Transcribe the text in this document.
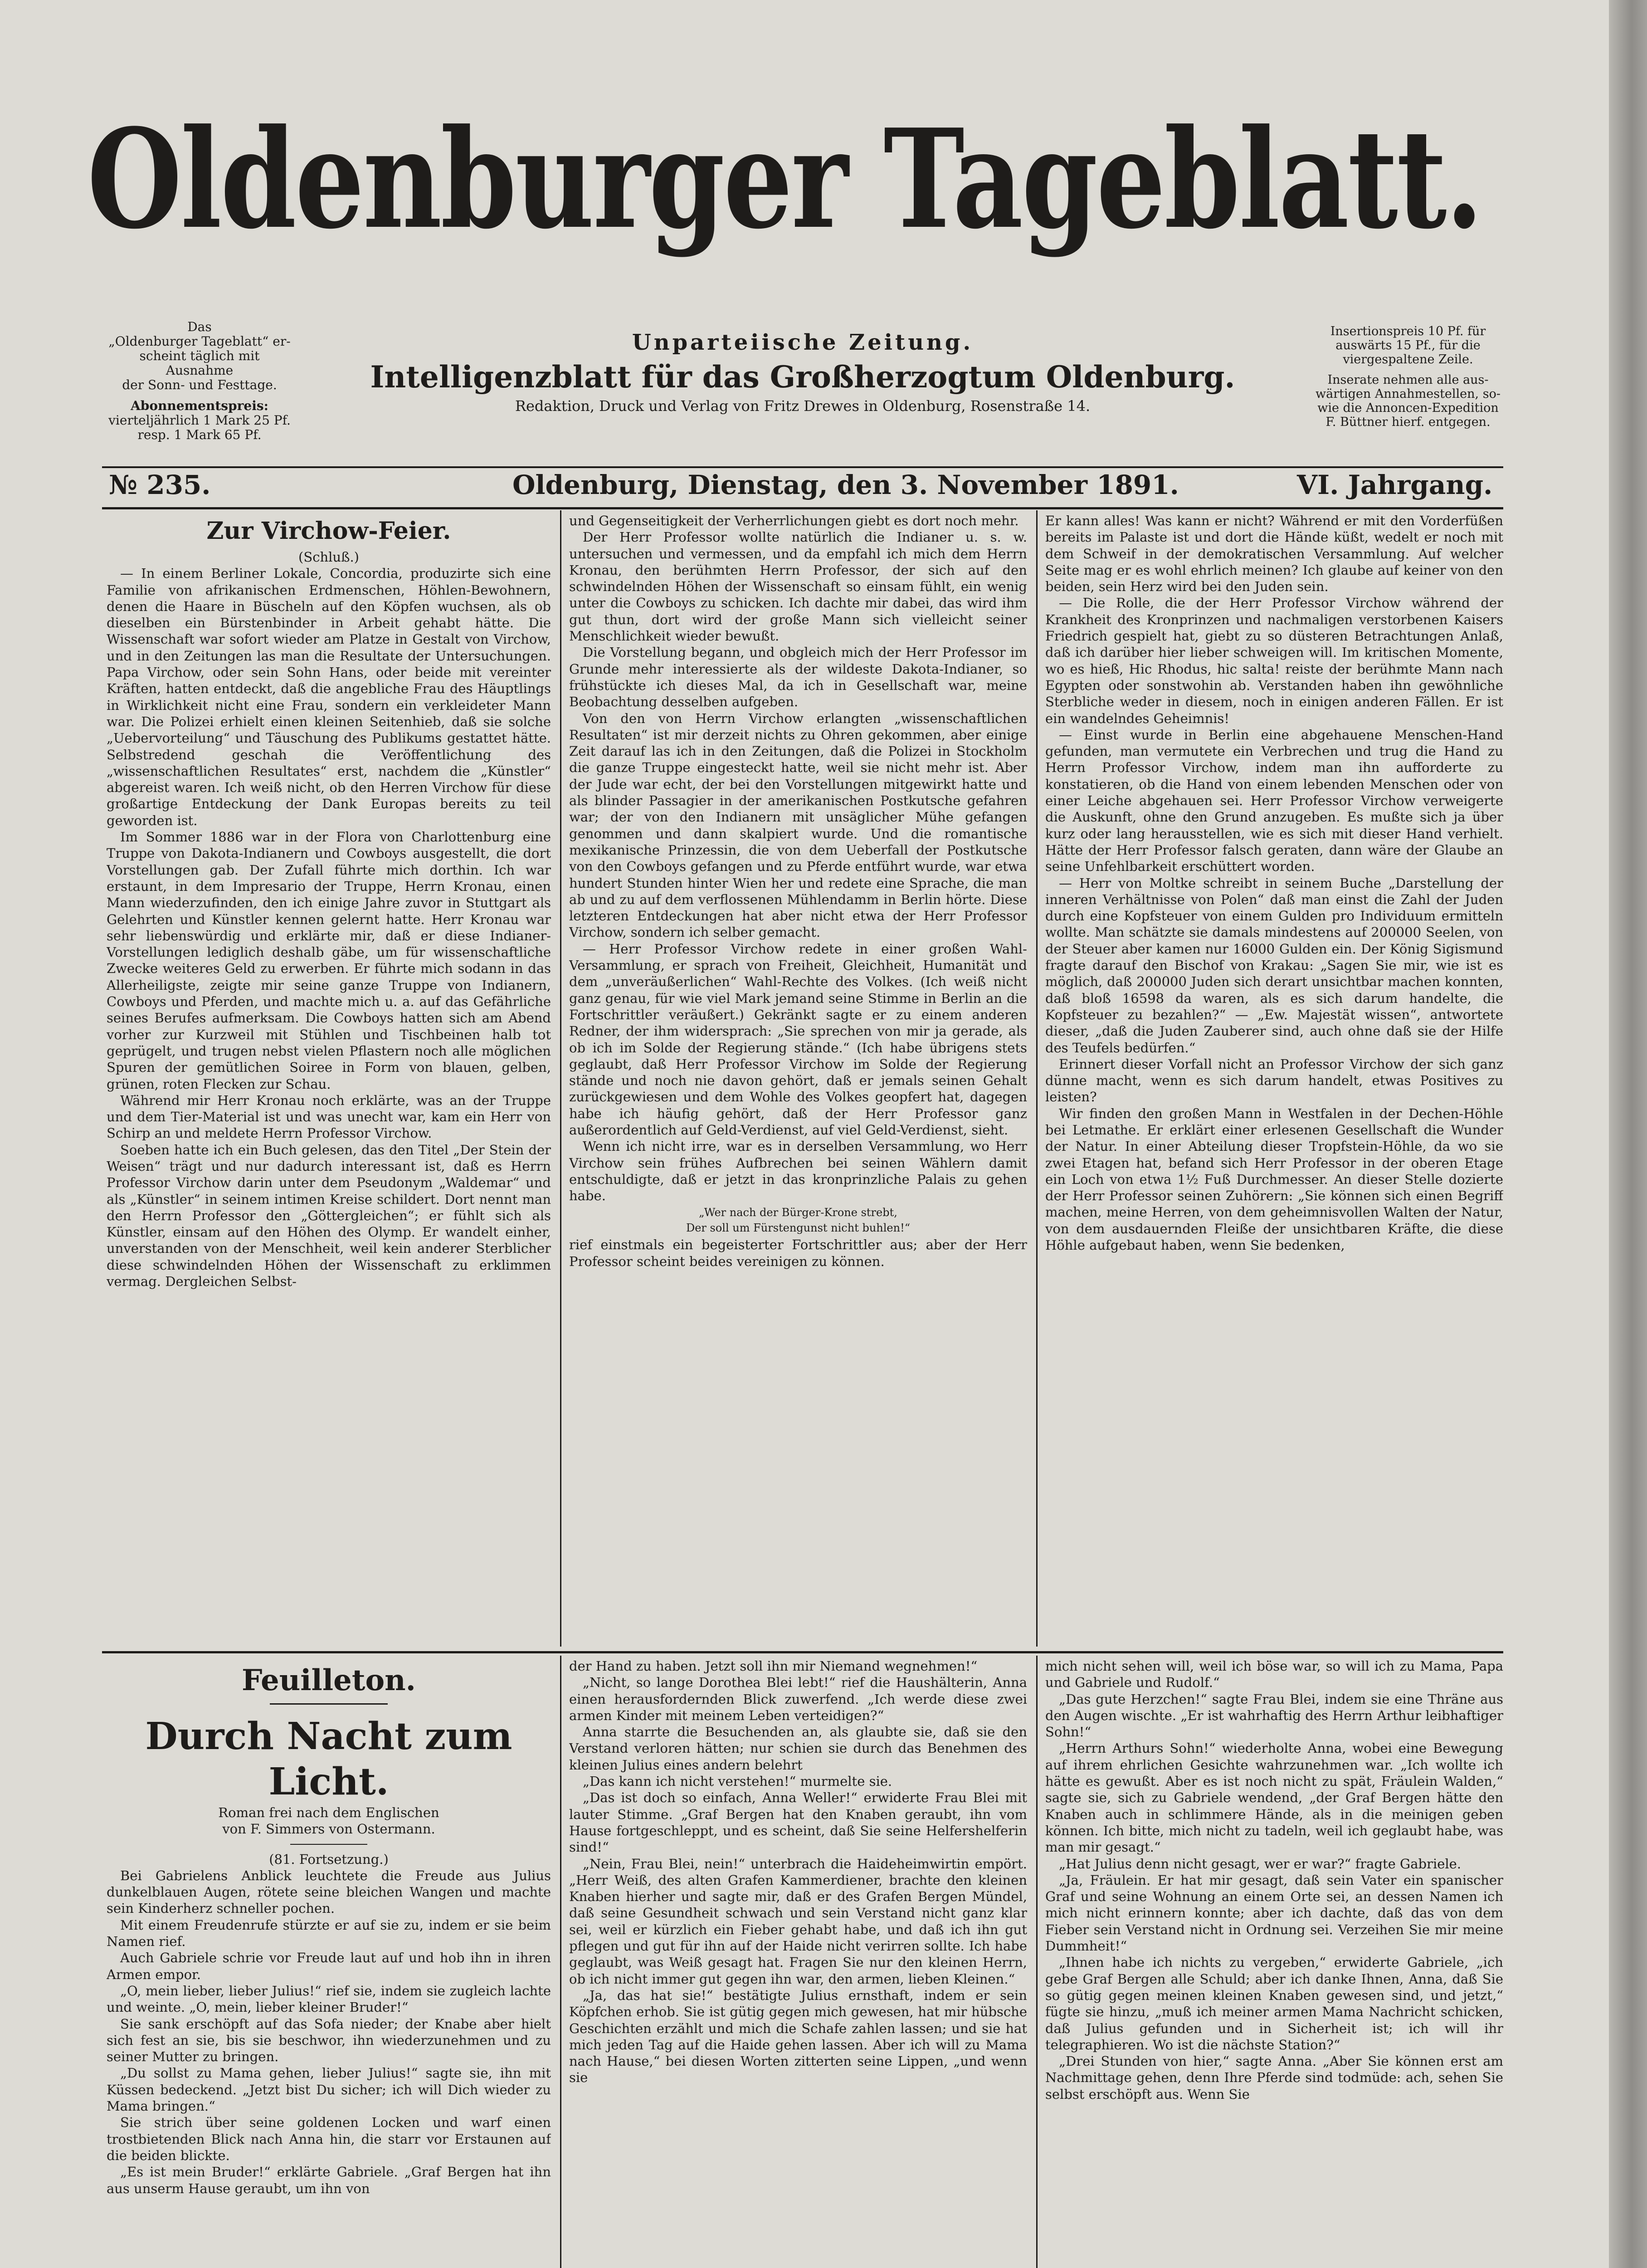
Oldenburger Tageblatt.
Das
„Oldenburger Tageblatt“ er-
scheint täglich mit Ausnahme
der Sonn- und Festtage.
Abonnementspreis:
vierteljährlich 1 Mark 25 Pf.
resp. 1 Mark 65 Pf.
Unparteiische Zeitung.
Intelligenzblatt für das Großherzogtum Oldenburg.
Redaktion, Druck und Verlag von Fritz Drewes in Oldenburg, Rosenstraße 14.
Insertionspreis 10 Pf. für
auswärts 15 Pf., für die
viergespaltene Zeile.
Inserate nehmen alle aus-
wärtigen Annahmestellen, so-
wie die Annoncen-Expedition
F. Büttner hierf. entgegen.
№ 235.	Oldenburg, Dienstag, den 3. November 1891.	VI. Jahrgang.
Zur Virchow-Feier.

(Schluß.)

— In einem Berliner Lokale, Concordia, produzirte sich eine Familie von afrikanischen Erdmenschen, Höhlen-Bewohnern, denen die Haare in Büscheln auf den Köpfen wuchsen, als ob dieselben ein Bürstenbinder in Arbeit gehabt hätte. Die Wissenschaft war sofort wieder am Platze in Gestalt von Virchow, und in den Zeitungen las man die Resultate der Untersuchungen. Papa Virchow, oder sein Sohn Hans, oder beide mit vereinter Kräften, hatten entdeckt, daß die angebliche Frau des Häuptlings in Wirklichkeit nicht eine Frau, sondern ein verkleideter Mann war. Die Polizei erhielt einen kleinen Seitenhieb, daß sie solche „Uebervorteilung“ und Täuschung des Publikums gestattet hätte. Selbstredend geschah die Veröffentlichung des „wissenschaftlichen Resultates“ erst, nachdem die „Künstler“ abgereist waren. Ich weiß nicht, ob den Herren Virchow für diese großartige Entdeckung der Dank Europas bereits zu teil geworden ist.

Im Sommer 1886 war in der Flora von Charlottenburg eine Truppe von Dakota-Indianern und Cowboys ausgestellt, die dort Vorstellungen gab. Der Zufall führte mich dorthin. Ich war erstaunt, in dem Impresario der Truppe, Herrn Kronau, einen Mann wiederzufinden, den ich einige Jahre zuvor in Stuttgart als Gelehrten und Künstler kennen gelernt hatte. Herr Kronau war sehr liebenswürdig und erklärte mir, daß er diese Indianer-Vorstellungen lediglich deshalb gäbe, um für wissenschaftliche Zwecke weiteres Geld zu erwerben. Er führte mich sodann in das Allerheiligste, zeigte mir seine ganze Truppe von Indianern, Cowboys und Pferden, und machte mich u. a. auf das Gefährliche seines Berufes aufmerksam. Die Cowboys hatten sich am Abend vorher zur Kurzweil mit Stühlen und Tischbeinen halb tot geprügelt, und trugen nebst vielen Pflastern noch alle möglichen Spuren der gemütlichen Soiree in Form von blauen, gelben, grünen, roten Flecken zur Schau.

Während mir Herr Kronau noch erklärte, was an der Truppe und dem Tier-Material ist und was unecht war, kam ein Herr von Schirp an und meldete Herrn Professor Virchow.

Soeben hatte ich ein Buch gelesen, das den Titel „Der Stein der Weisen“ trägt und nur dadurch interessant ist, daß es Herrn Professor Virchow darin unter dem Pseudonym „Waldemar“ und als „Künstler“ in seinem intimen Kreise schildert. Dort nennt man den Herrn Professor den „Göttergleichen“; er fühlt sich als Künstler, einsam auf den Höhen des Olymp. Er wandelt einher, unverstanden von der Menschheit, weil kein anderer Sterblicher diese schwindelnden Höhen der Wissenschaft zu erklimmen vermag. Dergleichen Selbst-

und Gegenseitigkeit der Verherrlichungen giebt es dort noch mehr.

Der Herr Professor wollte natürlich die Indianer u. s. w. untersuchen und vermessen, und da empfahl ich mich dem Herrn Kronau, den berühmten Herrn Professor, der sich auf den schwindelnden Höhen der Wissenschaft so einsam fühlt, ein wenig unter die Cowboys zu schicken. Ich dachte mir dabei, das wird ihm gut thun, dort wird der große Mann sich vielleicht seiner Menschlichkeit wieder bewußt.

Die Vorstellung begann, und obgleich mich der Herr Professor im Grunde mehr interessierte als der wildeste Dakota-Indianer, so frühstückte ich dieses Mal, da ich in Gesellschaft war, meine Beobachtung desselben aufgeben.

Von den von Herrn Virchow erlangten „wissenschaftlichen Resultaten“ ist mir derzeit nichts zu Ohren gekommen, aber einige Zeit darauf las ich in den Zeitungen, daß die Polizei in Stockholm die ganze Truppe eingesteckt hatte, weil sie nicht mehr ist. Aber der Jude war echt, der bei den Vorstellungen mitgewirkt hatte und als blinder Passagier in der amerikanischen Postkutsche gefahren war; der von den Indianern mit unsäglicher Mühe gefangen genommen und dann skalpiert wurde. Und die romantische mexikanische Prinzessin, die von dem Ueberfall der Postkutsche von den Cowboys gefangen und zu Pferde entführt wurde, war etwa hundert Stunden hinter Wien her und redete eine Sprache, die man ab und zu auf dem verflossenen Mühlendamm in Berlin hörte. Diese letzteren Entdeckungen hat aber nicht etwa der Herr Professor Virchow, sondern ich selber gemacht.

— Herr Professor Virchow redete in einer großen Wahl-Versammlung, er sprach von Freiheit, Gleichheit, Humanität und dem „unveräußerlichen“ Wahl-Rechte des Volkes. (Ich weiß nicht ganz genau, für wie viel Mark jemand seine Stimme in Berlin an die Fortschrittler veräußert.) Gekränkt sagte er zu einem anderen Redner, der ihm widersprach: „Sie sprechen von mir ja gerade, als ob ich im Solde der Regierung stände.“ (Ich habe übrigens stets geglaubt, daß Herr Professor Virchow im Solde der Regierung stände und noch nie davon gehört, daß er jemals seinen Gehalt zurückgewiesen und dem Wohle des Volkes geopfert hat, dagegen habe ich häufig gehört, daß der Herr Professor ganz außerordentlich auf Geld-Verdienst, auf viel Geld-Verdienst, sieht.

Wenn ich nicht irre, war es in derselben Versammlung, wo Herr Virchow sein frühes Aufbrechen bei seinen Wählern damit entschuldigte, daß er jetzt in das kronprinzliche Palais zu gehen habe.

„Wer nach der Bürger-Krone strebt,
Der soll um Fürstengunst nicht buhlen!“

rief einstmals ein begeisterter Fortschrittler aus; aber der Herr Professor scheint beides vereinigen zu können.

Er kann alles! Was kann er nicht? Während er mit den Vorderfüßen bereits im Palaste ist und dort die Hände küßt, wedelt er noch mit dem Schweif in der demokratischen Versammlung. Auf welcher Seite mag er es wohl ehrlich meinen? Ich glaube auf keiner von den beiden, sein Herz wird bei den Juden sein.

— Die Rolle, die der Herr Professor Virchow während der Krankheit des Kronprinzen und nachmaligen verstorbenen Kaisers Friedrich gespielt hat, giebt zu so düsteren Betrachtungen Anlaß, daß ich darüber hier lieber schweigen will. Im kritischen Momente, wo es hieß, Hic Rhodus, hic salta! reiste der berühmte Mann nach Egypten oder sonstwohin ab. Verstanden haben ihn gewöhnliche Sterbliche weder in diesem, noch in einigen anderen Fällen. Er ist ein wandelndes Geheimnis!

— Einst wurde in Berlin eine abgehauene Menschen-Hand gefunden, man vermutete ein Verbrechen und trug die Hand zu Herrn Professor Virchow, indem man ihn aufforderte zu konstatieren, ob die Hand von einem lebenden Menschen oder von einer Leiche abgehauen sei. Herr Professor Virchow verweigerte die Auskunft, ohne den Grund anzugeben. Es mußte sich ja über kurz oder lang herausstellen, wie es sich mit dieser Hand verhielt. Hätte der Herr Professor falsch geraten, dann wäre der Glaube an seine Unfehlbarkeit erschüttert worden.

— Herr von Moltke schreibt in seinem Buche „Darstellung der inneren Verhältnisse von Polen“ daß man einst die Zahl der Juden durch eine Kopfsteuer von einem Gulden pro Individuum ermitteln wollte. Man schätzte sie damals mindestens auf 200000 Seelen, von der Steuer aber kamen nur 16000 Gulden ein. Der König Sigismund fragte darauf den Bischof von Krakau: „Sagen Sie mir, wie ist es möglich, daß 200000 Juden sich derart unsichtbar machen konnten, daß bloß 16598 da waren, als es sich darum handelte, die Kopfsteuer zu bezahlen?“ — „Ew. Majestät wissen“, antwortete dieser, „daß die Juden Zauberer sind, auch ohne daß sie der Hilfe des Teufels bedürfen.“

Erinnert dieser Vorfall nicht an Professor Virchow der sich ganz dünne macht, wenn es sich darum handelt, etwas Positives zu leisten?

Wir finden den großen Mann in Westfalen in der Dechen-Höhle bei Letmathe. Er erklärt einer erlesenen Gesellschaft die Wunder der Natur. In einer Abteilung dieser Tropfstein-Höhle, da wo sie zwei Etagen hat, befand sich Herr Professor in der oberen Etage ein Loch von etwa 1½ Fuß Durchmesser. An dieser Stelle dozierte der Herr Professor seinen Zuhörern: „Sie können sich einen Begriff machen, meine Herren, von dem geheimnisvollen Walten der Natur, von dem ausdauernden Fleiße der unsichtbaren Kräfte, die diese Höhle aufgebaut haben, wenn Sie bedenken,

Feuilleton.
Durch Nacht zum Licht.

Roman frei nach dem Englischen

von F. Simmers von Ostermann.

(81. Fortsetzung.)

Bei Gabrielens Anblick leuchtete die Freude aus Julius dunkelblauen Augen, rötete seine bleichen Wangen und machte sein Kinderherz schneller pochen.

Mit einem Freudenrufe stürzte er auf sie zu, indem er sie beim Namen rief.

Auch Gabriele schrie vor Freude laut auf und hob ihn in ihren Armen empor.

„O, mein lieber, lieber Julius!“ rief sie, indem sie zugleich lachte und weinte. „O, mein, lieber kleiner Bruder!“

Sie sank erschöpft auf das Sofa nieder; der Knabe aber hielt sich fest an sie, bis sie beschwor, ihn wiederzunehmen und zu seiner Mutter zu bringen.

„Du sollst zu Mama gehen, lieber Julius!“ sagte sie, ihn mit Küssen bedeckend. „Jetzt bist Du sicher; ich will Dich wieder zu Mama bringen.“

Sie strich über seine goldenen Locken und warf einen trostbietenden Blick nach Anna hin, die starr vor Erstaunen auf die beiden blickte.

„Es ist mein Bruder!“ erklärte Gabriele. „Graf Bergen hat ihn aus unserm Hause geraubt, um ihn von

der Hand zu haben. Jetzt soll ihn mir Niemand wegnehmen!“

„Nicht, so lange Dorothea Blei lebt!“ rief die Haushälterin, Anna einen herausfordernden Blick zuwerfend. „Ich werde diese zwei armen Kinder mit meinem Leben verteidigen?“

Anna starrte die Besuchenden an, als glaubte sie, daß sie den Verstand verloren hätten; nur schien sie durch das Benehmen des kleinen Julius eines andern belehrt

„Das kann ich nicht verstehen!“ murmelte sie.

„Das ist doch so einfach, Anna Weller!“ erwiderte Frau Blei mit lauter Stimme. „Graf Bergen hat den Knaben geraubt, ihn vom Hause fortgeschleppt, und es scheint, daß Sie seine Helfershelferin sind!“

„Nein, Frau Blei, nein!“ unterbrach die Haideheimwirtin empört. „Herr Weiß, des alten Grafen Kammerdiener, brachte den kleinen Knaben hierher und sagte mir, daß er des Grafen Bergen Mündel, daß seine Gesundheit schwach und sein Verstand nicht ganz klar sei, weil er kürzlich ein Fieber gehabt habe, und daß ich ihn gut pflegen und gut für ihn auf der Haide nicht verirren sollte. Ich habe geglaubt, was Weiß gesagt hat. Fragen Sie nur den kleinen Herrn, ob ich nicht immer gut gegen ihn war, den armen, lieben Kleinen.“

„Ja, das hat sie!“ bestätigte Julius ernsthaft, indem er sein Köpfchen erhob. Sie ist gütig gegen mich gewesen, hat mir hübsche Geschichten erzählt und mich die Schafe zahlen lassen; und sie hat mich jeden Tag auf die Haide gehen lassen. Aber ich will zu Mama nach Hause,“ bei diesen Worten zitterten seine Lippen, „und wenn sie

mich nicht sehen will, weil ich böse war, so will ich zu Mama, Papa und Gabriele und Rudolf.“

„Das gute Herzchen!“ sagte Frau Blei, indem sie eine Thräne aus den Augen wischte. „Er ist wahrhaftig des Herrn Arthur leibhaftiger Sohn!“

„Herrn Arthurs Sohn!“ wiederholte Anna, wobei eine Bewegung auf ihrem ehrlichen Gesichte wahrzunehmen war. „Ich wollte ich hätte es gewußt. Aber es ist noch nicht zu spät, Fräulein Walden,“ sagte sie, sich zu Gabriele wendend, „der Graf Bergen hätte den Knaben auch in schlimmere Hände, als in die meinigen geben können. Ich bitte, mich nicht zu tadeln, weil ich geglaubt habe, was man mir gesagt.“

„Hat Julius denn nicht gesagt, wer er war?“ fragte Gabriele.

„Ja, Fräulein. Er hat mir gesagt, daß sein Vater ein spanischer Graf und seine Wohnung an einem Orte sei, an dessen Namen ich mich nicht erinnern konnte; aber ich dachte, daß das von dem Fieber sein Verstand nicht in Ordnung sei. Verzeihen Sie mir meine Dummheit!“

„Ihnen habe ich nichts zu vergeben,“ erwiderte Gabriele, „ich gebe Graf Bergen alle Schuld; aber ich danke Ihnen, Anna, daß Sie so gütig gegen meinen kleinen Knaben gewesen sind, und jetzt,“ fügte sie hinzu, „muß ich meiner armen Mama Nachricht schicken, daß Julius gefunden und in Sicherheit ist; ich will ihr telegraphieren. Wo ist die nächste Station?“

„Drei Stunden von hier,“ sagte Anna. „Aber Sie können erst am Nachmittage gehen, denn Ihre Pferde sind todmüde: ach, sehen Sie selbst erschöpft aus. Wenn Sie
